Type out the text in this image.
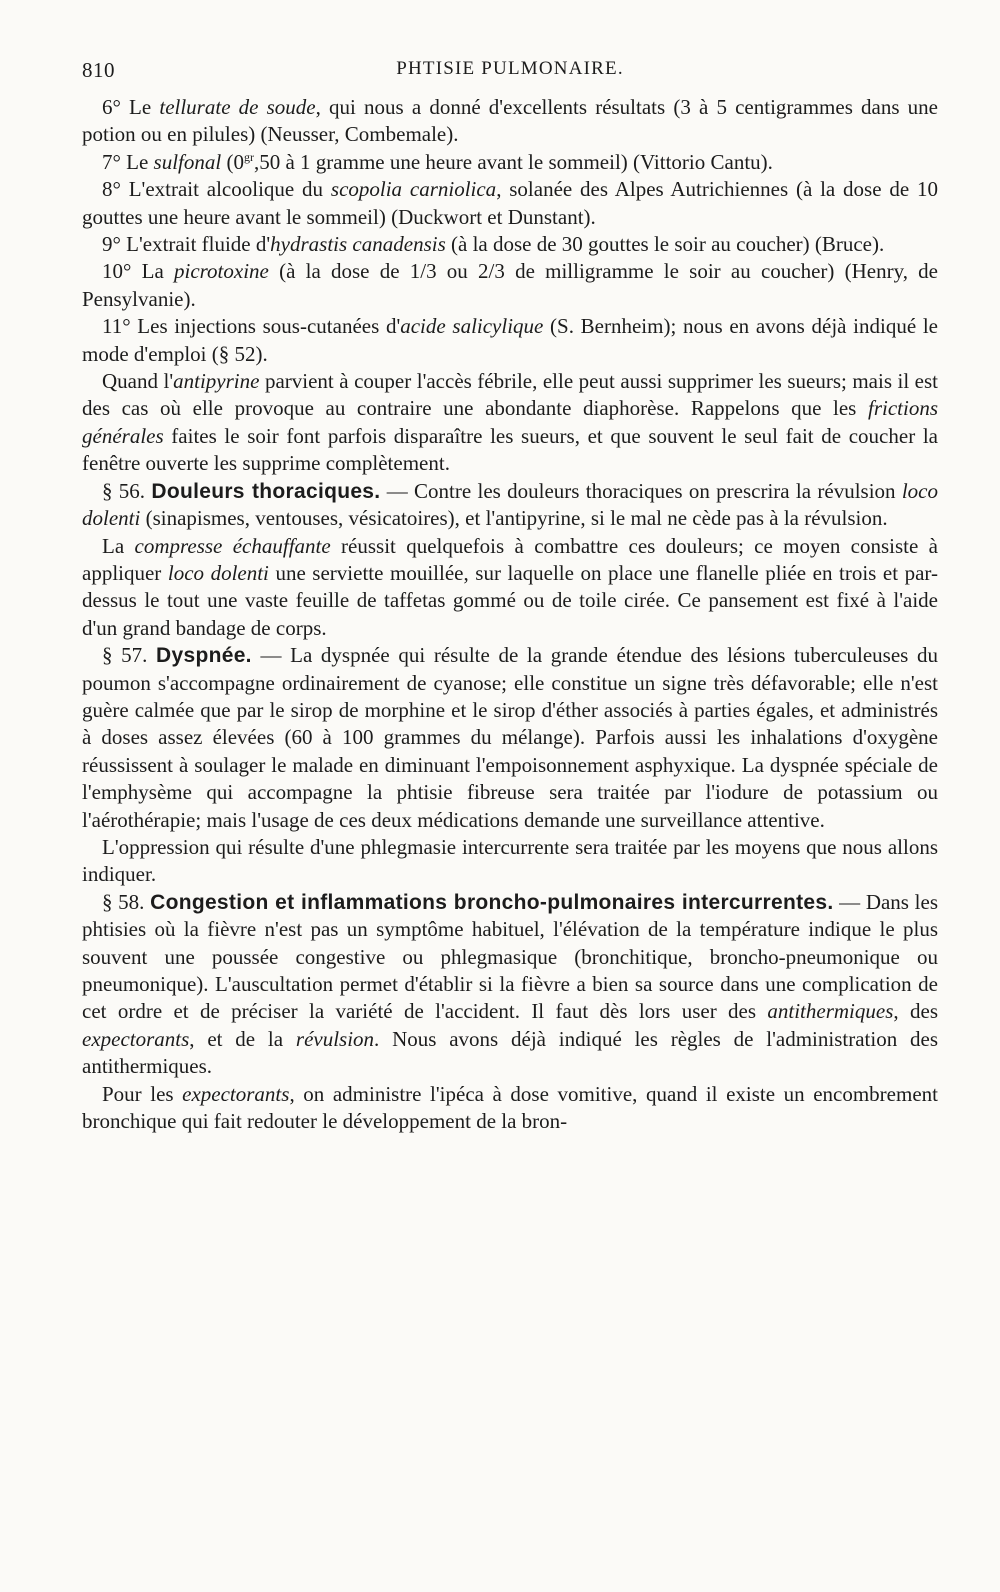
810	PHTISIE PULMONAIRE.

6° Le tellurate de soude, qui nous a donné d'excellents résultats (3 à 5 centigrammes dans une potion ou en pilules) (Neusser, Combemale).

7° Le sulfonal ($0^{gr},50$ à 1 gramme une heure avant le sommeil) (Vittorio Cantu).

8° L'extrait alcoolique du scopolia carniolica, solanée des Alpes Autrichiennes (à la dose de 10 gouttes une heure avant le sommeil) (Duckwort et Dunstant).

9° L'extrait fluide d'hydrastis canadensis (à la dose de 30 gouttes le soir au coucher) (Bruce).

10° La picrotoxine (à la dose de 1/3 ou 2/3 de milligramme le soir au coucher) (Henry, de Pensylvanie).

11° Les injections sous-cutanées d'acide salicylique (S. Bernheim); nous en avons déjà indiqué le mode d'emploi (§ 52).

Quand l'antipyrine parvient à couper l'accès fébrile, elle peut aussi supprimer les sueurs; mais il est des cas où elle provoque au contraire une abondante diaphorèse. Rappelons que les frictions générales faites le soir font parfois disparaître les sueurs, et que souvent le seul fait de coucher la fenêtre ouverte les supprime complètement.

§ 56. Douleurs thoraciques. — Contre les douleurs thoraciques on prescrira la révulsion loco dolenti (sinapismes, ventouses, vésicatoires), et l'antipyrine, si le mal ne cède pas à la révulsion.

La compresse échauffante réussit quelquefois à combattre ces douleurs; ce moyen consiste à appliquer loco dolenti une serviette mouillée, sur laquelle on place une flanelle pliée en trois et par-dessus le tout une vaste feuille de taffetas gommé ou de toile cirée. Ce pansement est fixé à l'aide d'un grand bandage de corps.

§ 57. Dyspnée. — La dyspnée qui résulte de la grande étendue des lésions tuberculeuses du poumon s'accompagne ordinairement de cyanose; elle constitue un signe très défavorable; elle n'est guère calmée que par le sirop de morphine et le sirop d'éther associés à parties égales, et administrés à doses assez élevées (60 à 100 grammes du mélange). Parfois aussi les inhalations d'oxygène réussissent à soulager le malade en diminuant l'empoisonnement asphyxique. La dyspnée spéciale de l'emphysème qui accompagne la phtisie fibreuse sera traitée par l'iodure de potassium ou l'aérothérapie; mais l'usage de ces deux médications demande une surveillance attentive.

L'oppression qui résulte d'une phlegmasie intercurrente sera traitée par les moyens que nous allons indiquer.

§ 58. Congestion et inflammations broncho-pulmonaires intercurrentes. — Dans les phtisies où la fièvre n'est pas un symptôme habituel, l'élévation de la température indique le plus souvent une poussée congestive ou phlegmasique (bronchitique, broncho-pneumonique ou pneumonique). L'auscultation permet d'établir si la fièvre a bien sa source dans une complication de cet ordre et de préciser la variété de l'accident. Il faut dès lors user des antithermiques, des expectorants, et de la révulsion. Nous avons déjà indiqué les règles de l'administration des antithermiques.

Pour les expectorants, on administre l'ipéca à dose vomitive, quand il existe un encombrement bronchique qui fait redouter le développement de la bron-
